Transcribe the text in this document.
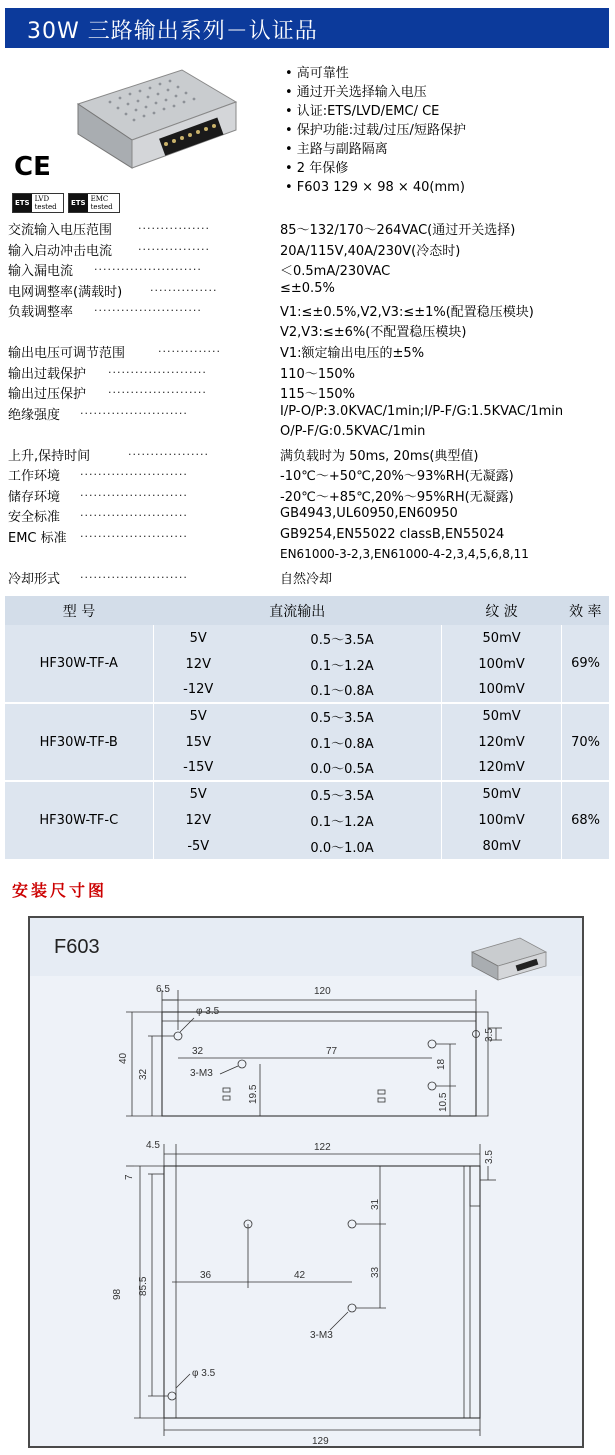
30W 三路输出系列－认证品
CE
ETS LVD
tested ETS EMC
tested
• 高可靠性
• 通过开关选择输入电压
• 认证:ETS/LVD/EMC/ CE
• 保护功能:过载/过压/短路保护
• 主路与副路隔离
• 2 年保修
• F603 129 × 98 × 40(mm)
交流输入电压范围 ................	85～132/170～264VAC(通过开关选择)
输入启动冲击电流 ................	20A/115V,40A/230V(冷态时)
输入漏电流 ........................	＜0.5mA/230VAC
电网调整率(满载时)	...............	≤±0.5%
负载调整率 ........................	V1:≤±0.5%,V2,V3:≤±1%(配置稳压模块)
V2,V3:≤±6%(不配置稳压模块)
输出电压可调节范围	..............	V1:额定输出电压的±5%
输出过载保护 ......................	110～150%
输出过压保护 ......................	115～150%
绝缘强度 ........................	I/P-O/P:3.0KVAC/1min;I/P-F/G:1.5KVAC/1min
O/P-F/G:0.5KVAC/1min
上升,保持时间	..................	满负载时为 50ms, 20ms(典型值)
工作环境 ........................	-10℃～+50℃,20%～93%RH(无凝露)
储存环境 ........................	-20℃～+85℃,20%～95%RH(无凝露)
安全标准 ........................	GB4943,UL60950,EN60950
EMC 标准 ........................	GB9254,EN55022 classB,EN55024
EN61000-3-2,3,EN61000-4-2,3,4,5,6,8,11
冷却形式 ........................	自然冷却
型 号	直流输出		纹 波	效 率
HF30W-TF-A	5V	0.5～3.5A	50mV	69%
	12V	0.1～1.2A	100mV	
	-12V	0.1～0.8A	100mV	
HF30W-TF-B	5V	0.5～3.5A	50mV	70%
	15V	0.1～0.8A	120mV	
	-15V	0.0～0.5A	120mV	
HF30W-TF-C	5V	0.5～3.5A	50mV	68%
	12V	0.1～1.2A	100mV	
	-5V	0.0～1.0A	80mV	
安装尺寸图
F603
6.5	120
φ 3.5
32	77
40
32	3-M3
18
3.5
19.5	10.5
4.5	122
3.5
7
31
98 85.5
36	42	33
3-M3
φ 3.5
129
